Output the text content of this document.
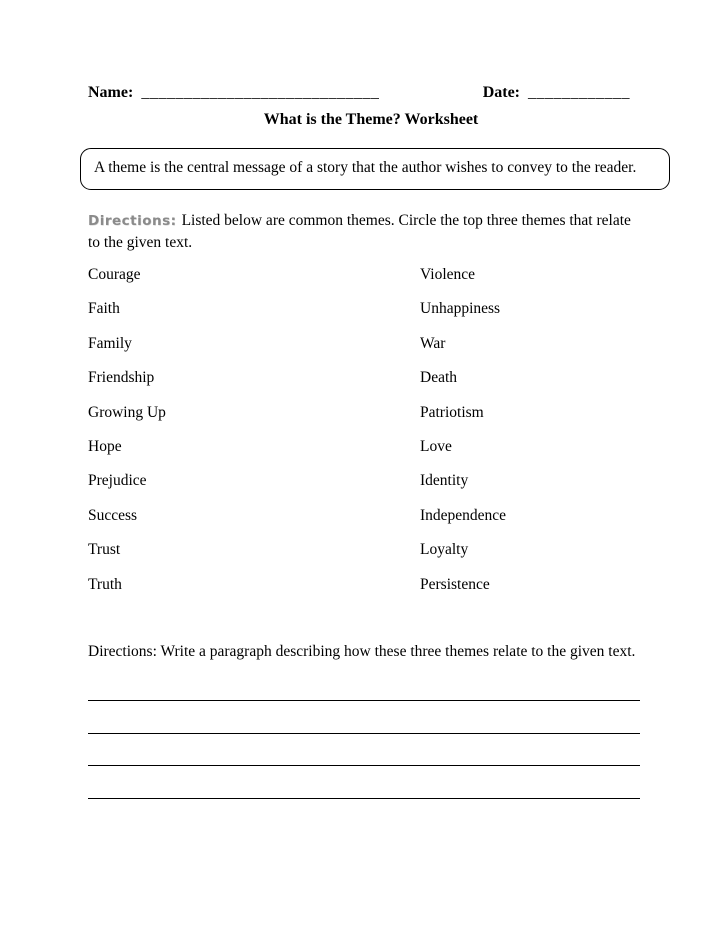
Name: ____________________________	Date: ____________
What is the Theme? Worksheet
A theme is the central message of a story that the author wishes to convey to the reader.

Directions: Listed below are common themes. Circle the top three themes that relate to the given text.

Courage
Faith
Family
Friendship
Growing Up
Hope
Prejudice
Success
Trust
Truth
Violence
Unhappiness
War
Death
Patriotism
Love
Identity
Independence
Loyalty
Persistence

Directions: Write a paragraph describing how these three themes relate to the given text.
